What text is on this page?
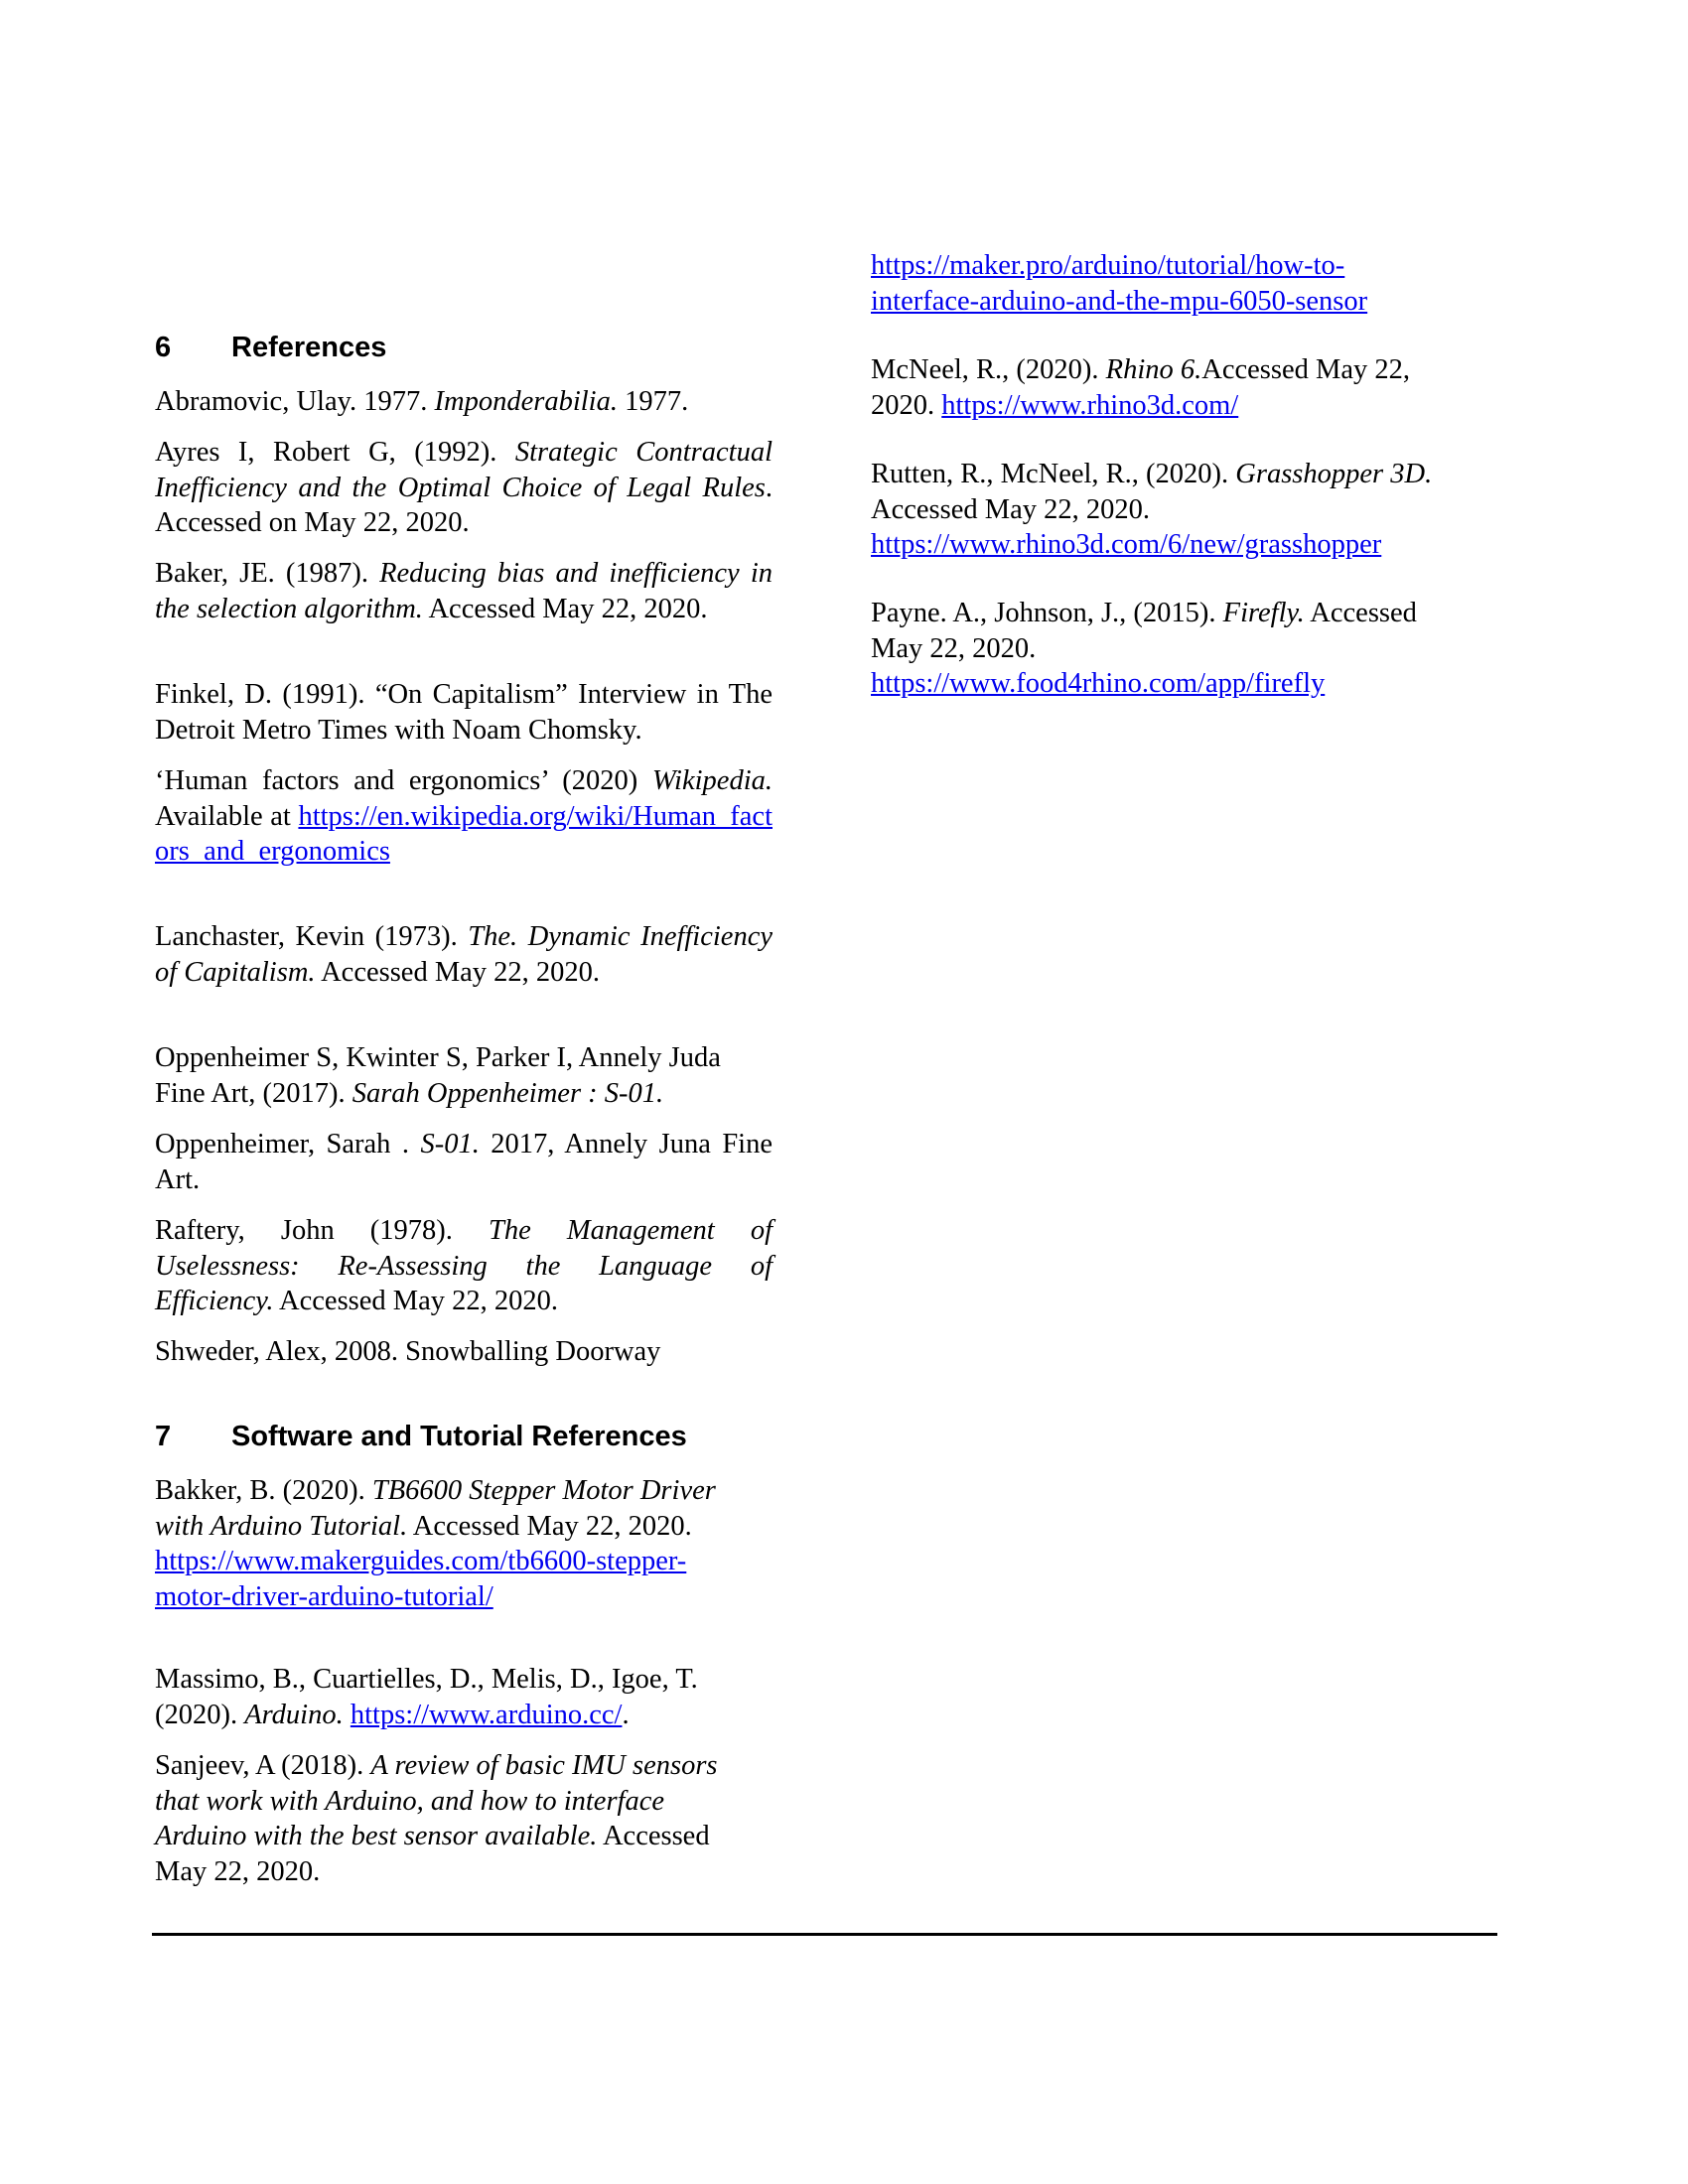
6 References

Abramovic, Ulay. 1977. Imponderabilia. 1977.

Ayres I, Robert G, (1992). Strategic Contractual Inefficiency and the Optimal Choice of Legal Rules. Accessed on May 22, 2020.

Baker, JE. (1987). Reducing bias and inefficiency in the selection algorithm. Accessed May 22, 2020.

Finkel, D. (1991). “On Capitalism” Interview in The Detroit Metro Times with Noam Chomsky.

‘Human factors and ergonomics’ (2020) Wikipedia. Available at https://en.wikipedia.org/wiki/Human_factors_and_ergonomics

Lanchaster, Kevin (1973). The. Dynamic Inefficiency of Capitalism. Accessed May 22, 2020.

Oppenheimer S, Kwinter S, Parker I, Annely Juda Fine Art, (2017). Sarah Oppenheimer : S-01.

Oppenheimer, Sarah . S-01. 2017, Annely Juna Fine Art.

Raftery, John (1978). The Management of Uselessness: Re-Assessing the Language of Efficiency. Accessed May 22, 2020.

Shweder, Alex, 2008. Snowballing Doorway

7 Software and Tutorial References

Bakker, B. (2020). TB6600 Stepper Motor Driver with Arduino Tutorial. Accessed May 22, 2020. https://www.makerguides.com/tb6600-stepper-motor-driver-arduino-tutorial/

Massimo, B., Cuartielles, D., Melis, D., Igoe, T. (2020). Arduino. https://www.arduino.cc/.

Sanjeev, A (2018). A review of basic IMU sensors that work with Arduino, and how to interface Arduino with the best sensor available. Accessed May 22, 2020.

https://maker.pro/arduino/tutorial/how-to-interface-arduino-and-the-mpu-6050-sensor

McNeel, R., (2020). Rhino 6.Accessed May 22, 2020. https://www.rhino3d.com/

Rutten, R., McNeel, R., (2020). Grasshopper 3D. Accessed May 22, 2020. https://www.rhino3d.com/6/new/grasshopper

Payne. A., Johnson, J., (2015). Firefly. Accessed May 22, 2020. https://www.food4rhino.com/app/firefly
